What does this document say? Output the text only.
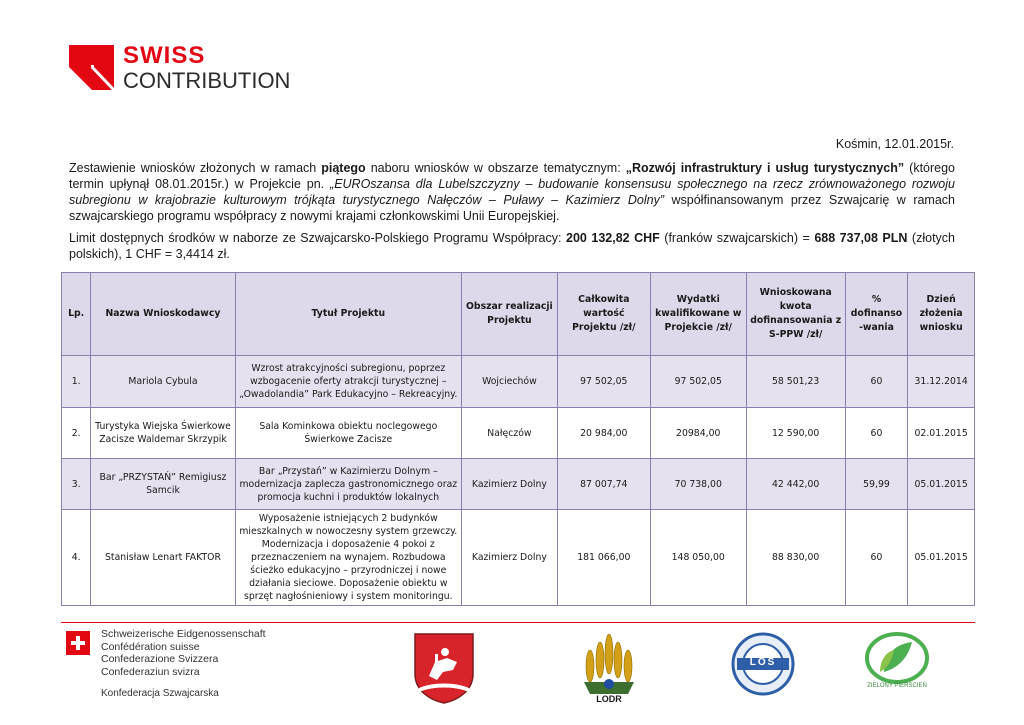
SWISS
CONTRIBUTION
Kośmin, 12.01.2015r.
Zestawienie wniosków złożonych w ramach piątego naboru wniosków w obszarze tematycznym: „Rozwój infrastruktury i usług turystycznych” (którego termin upłynął 08.01.2015r.) w Projekcie pn. „EUROszansa dla Lubelszczyzny – budowanie konsensusu społecznego na rzecz zrównoważonego rozwoju subregionu w krajobrazie kulturowym trójkąta turystycznego Nałęczów – Puławy – Kazimierz Dolny” współfinansowanym przez Szwajcarię w ramach szwajcarskiego programu współpracy z nowymi krajami członkowskimi Unii Europejskiej.
Limit dostępnych środków w naborze ze Szwajcarsko-Polskiego Programu Współpracy: 200 132,82 CHF (franków szwajcarskich) = 688 737,08 PLN (złotych polskich), 1 CHF = 3,4414 zł.
Lp.	Nazwa Wnioskodawcy	Tytuł Projektu	Obszar realizacji Projektu	Całkowita wartość Projektu /zł/	Wydatki kwalifikowane w Projekcie /zł/	Wnioskowana kwota dofinansowania z S-PPW /zł/	% dofinanso -wania	Dzień złożenia wniosku
1.	Mariola Cybula	Wzrost atrakcyjności subregionu, poprzez wzbogacenie oferty atrakcji turystycznej – „Owadolandia” Park Edukacyjno – Rekreacyjny.	Wojciechów	97 502,05	97 502,05	58 501,23	60	31.12.2014
2.	Turystyka Wiejska Świerkowe Zacisze Waldemar Skrzypik	Sala Kominkowa obiektu noclegowego Świerkowe Zacisze	Nałęczów	20 984,00	20984,00	12 590,00	60	02.01.2015
3.	Bar „PRZYSTAŃ” Remigiusz Samcik	Bar „Przystań” w Kazimierzu Dolnym – modernizacja zaplecza gastronomicznego oraz promocja kuchni i produktów lokalnych	Kazimierz Dolny	87 007,74	70 738,00	42 442,00	59,99	05.01.2015
4.	Stanisław Lenart FAKTOR	Wyposażenie istniejących 2 budynków mieszkalnych w nowoczesny system grzewczy. Modernizacja i doposażenie 4 pokoi z przeznaczeniem na wynajem. Rozbudowa ścieżko edukacyjno – przyrodniczej i nowe działania sieciowe. Doposażenie obiektu w sprzęt nagłośnieniowy i system monitoringu.	Kazimierz Dolny	181 066,00	148 050,00	88 830,00	60	05.01.2015
Schweizerische Eidgenossenschaft
Confédération suisse
Confederazione Svizzera
Confederaziun svizra
Konfederacja Szwajcarska	LODR
LOS
ZIELONY PIERŚCIEŃ
